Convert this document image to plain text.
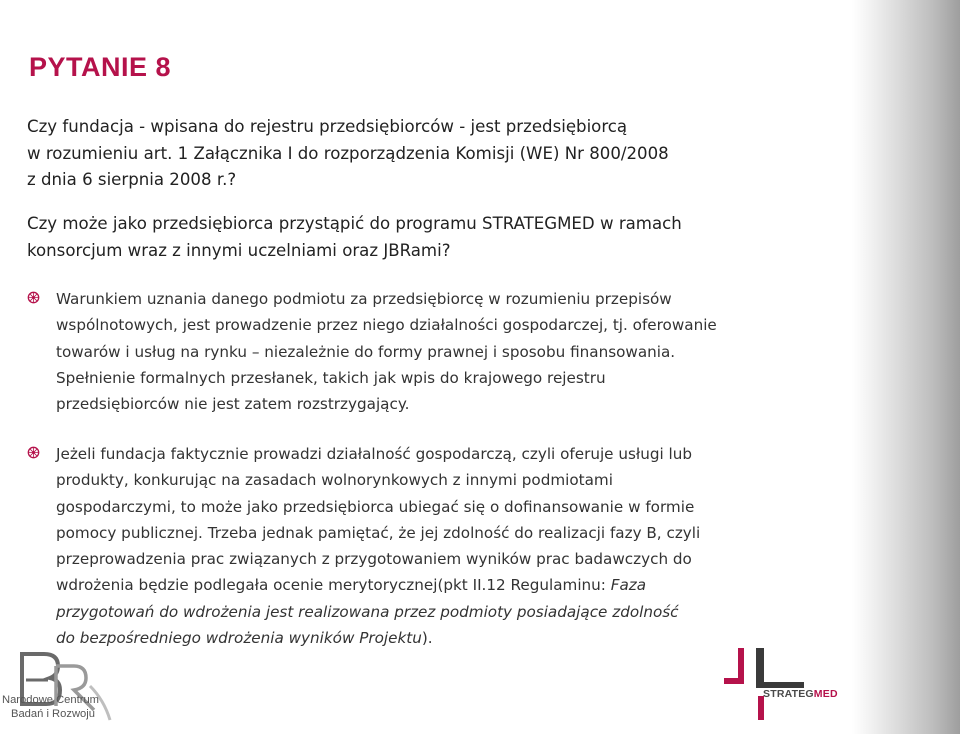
PYTANIE 8

Czy fundacja - wpisana do rejestru przedsiębiorców - jest przedsiębiorcą
w rozumieniu art. 1 Załącznika I do rozporządzenia Komisji (WE) Nr 800/2008
z dnia 6 sierpnia 2008 r.?

Czy może jako przedsiębiorca przystąpić do programu STRATEGMED w ramach
konsorcjum wraz z innymi uczelniami oraz JBRami?

Warunkiem uznania danego podmiotu za przedsiębiorcę w rozumieniu przepisów
wspólnotowych, jest prowadzenie przez niego działalności gospodarczej, tj. oferowanie
towarów i usług na rynku – niezależnie do formy prawnej i sposobu finansowania.
Spełnienie formalnych przesłanek, takich jak wpis do krajowego rejestru
przedsiębiorców nie jest zatem rozstrzygający.

Jeżeli fundacja faktycznie prowadzi działalność gospodarczą, czyli oferuje usługi lub
produkty, konkurując na zasadach wolnorynkowych z innymi podmiotami
gospodarczymi, to może jako przedsiębiorca ubiegać się o dofinansowanie w formie
pomocy publicznej. Trzeba jednak pamiętać, że jej zdolność do realizacji fazy B, czyli
przeprowadzenia prac związanych z przygotowaniem wyników prac badawczych do
wdrożenia będzie podlegała ocenie merytorycznej(pkt II.12 Regulaminu: Faza
przygotowań do wdrożenia jest realizowana przez podmioty posiadające zdolność
do bezpośredniego wdrożenia wyników Projektu).

Narodowe Centrum
Badań i Rozwoju
STRATEGMED
